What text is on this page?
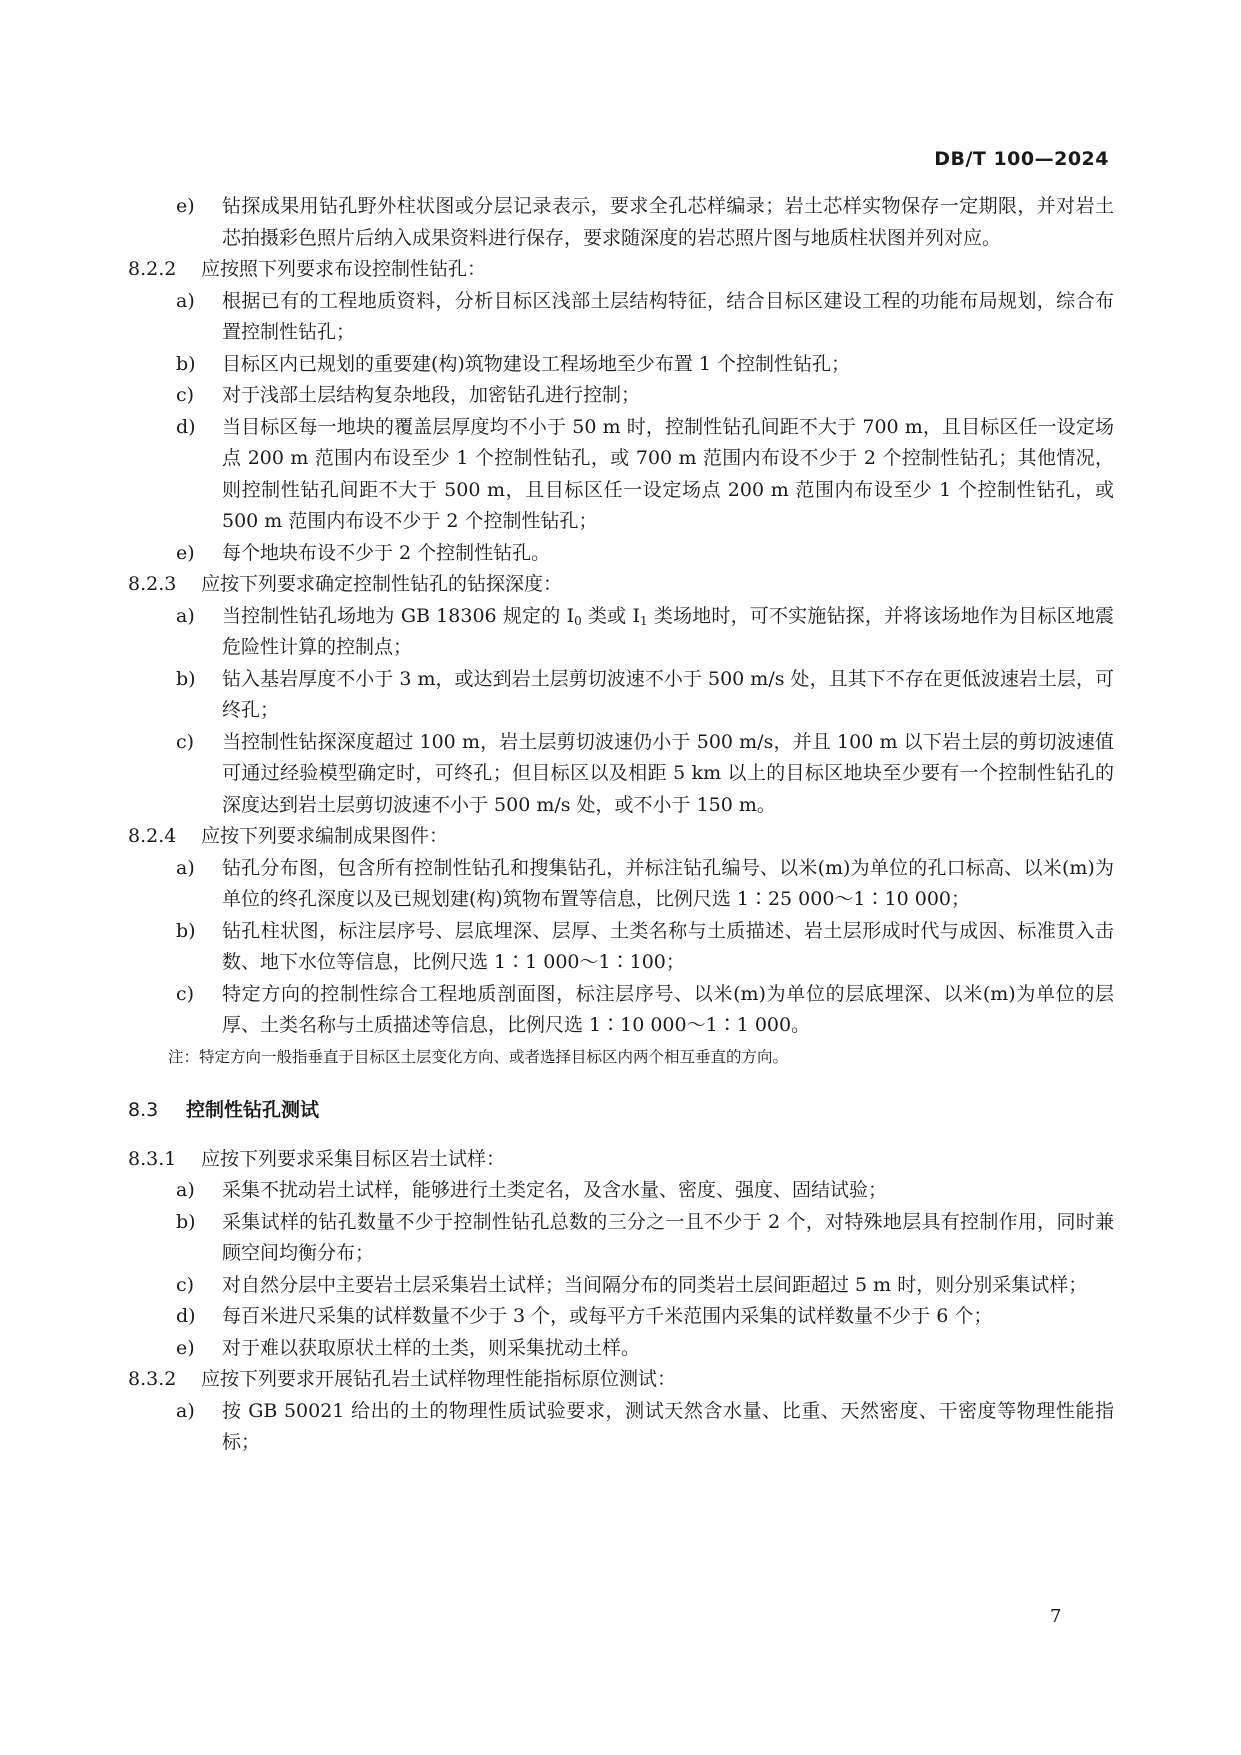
DB/T 100—2024
e) 钻探成果用钻孔野外柱状图或分层记录表示，要求全孔芯样编录；岩土芯样实物保存一定期限，并对岩土芯拍摄彩色照片后纳入成果资料进行保存，要求随深度的岩芯照片图与地质柱状图并列对应。
8.2.2 应按照下列要求布设控制性钻孔：
a) 根据已有的工程地质资料，分析目标区浅部土层结构特征，结合目标区建设工程的功能布局规划，综合布置控制性钻孔；
b) 目标区内已规划的重要建(构)筑物建设工程场地至少布置 1 个控制性钻孔；
c) 对于浅部土层结构复杂地段，加密钻孔进行控制；
d) 当目标区每一地块的覆盖层厚度均不小于 50 m 时，控制性钻孔间距不大于 700 m，且目标区任一设定场点 200 m 范围内布设至少 1 个控制性钻孔，或 700 m 范围内布设不少于 2 个控制性钻孔；其他情况，则控制性钻孔间距不大于 500 m，且目标区任一设定场点 200 m 范围内布设至少 1 个控制性钻孔，或 500 m 范围内布设不少于 2 个控制性钻孔；
e) 每个地块布设不少于 2 个控制性钻孔。
8.2.3 应按下列要求确定控制性钻孔的钻探深度：
a) 当控制性钻孔场地为 GB 18306 规定的 $I_0$ 类或 $I_1$ 类场地时，可不实施钻探，并将该场地作为目标区地震危险性计算的控制点；
b) 钻入基岩厚度不小于 3 m，或达到岩土层剪切波速不小于 500 m/s 处，且其下不存在更低波速岩土层，可终孔；
c) 当控制性钻探深度超过 100 m，岩土层剪切波速仍小于 500 m/s，并且 100 m 以下岩土层的剪切波速值可通过经验模型确定时，可终孔；但目标区以及相距 5 km 以上的目标区地块至少要有一个控制性钻孔的深度达到岩土层剪切波速不小于 500 m/s 处，或不小于 150 m。
8.2.4 应按下列要求编制成果图件：
a) 钻孔分布图，包含所有控制性钻孔和搜集钻孔，并标注钻孔编号、以米(m)为单位的孔口标高、以米(m)为单位的终孔深度以及已规划建(构)筑物布置等信息，比例尺选 1∶25 000～1∶10 000；
b) 钻孔柱状图，标注层序号、层底埋深、层厚、土类名称与土质描述、岩土层形成时代与成因、标准贯入击数、地下水位等信息，比例尺选 1∶1 000～1∶100；
c) 特定方向的控制性综合工程地质剖面图，标注层序号、以米(m)为单位的层底埋深、以米(m)为单位的层厚、土类名称与土质描述等信息，比例尺选 1∶10 000～1∶1 000。
注：特定方向一般指垂直于目标区土层变化方向、或者选择目标区内两个相互垂直的方向。
8.3 控制性钻孔测试
8.3.1 应按下列要求采集目标区岩土试样：
a) 采集不扰动岩土试样，能够进行土类定名，及含水量、密度、强度、固结试验；
b) 采集试样的钻孔数量不少于控制性钻孔总数的三分之一且不少于 2 个，对特殊地层具有控制作用，同时兼顾空间均衡分布；
c) 对自然分层中主要岩土层采集岩土试样；当间隔分布的同类岩土层间距超过 5 m 时，则分别采集试样；
d) 每百米进尺采集的试样数量不少于 3 个，或每平方千米范围内采集的试样数量不少于 6 个；
e) 对于难以获取原状土样的土类，则采集扰动土样。
8.3.2 应按下列要求开展钻孔岩土试样物理性能指标原位测试：
a) 按 GB 50021 给出的土的物理性质试验要求，测试天然含水量、比重、天然密度、干密度等物理性能指标；
7
